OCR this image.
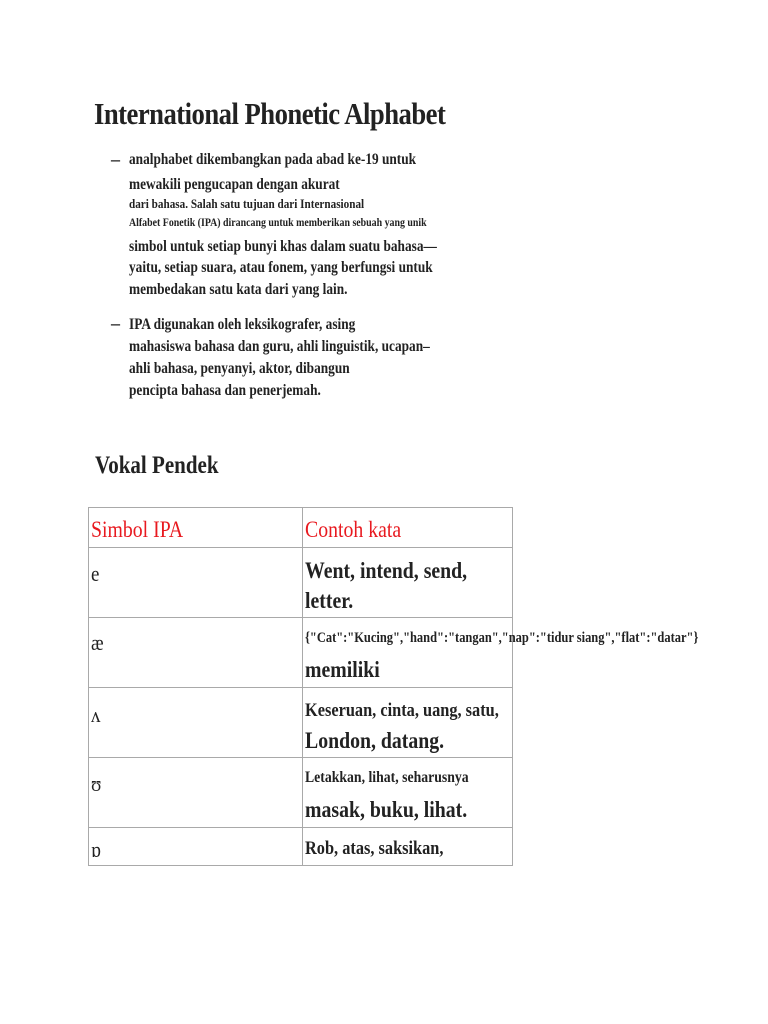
International Phonetic Alphabet
– analphabet dikembangkan pada abad ke-19 untuk
mewakili pengucapan dengan akurat
dari bahasa. Salah satu tujuan dari Internasional
Alfabet Fonetik (IPA) dirancang untuk memberikan sebuah yang unik
simbol untuk setiap bunyi khas dalam suatu bahasa—
yaitu, setiap suara, atau fonem, yang berfungsi untuk
membedakan satu kata dari yang lain.
– IPA digunakan oleh leksikografer, asing
mahasiswa bahasa dan guru, ahli linguistik, ucapan–
ahli bahasa, penyanyi, aktor, dibangun
pencipta bahasa dan penerjemah.
Vokal Pendek
Simbol IPA	Contoh kata

e	Went, intend, send,
letter.

æ	{"Cat":"Kucing","hand":"tangan","nap":"tidur siang","flat":"datar"}
memiliki

ʌ	Keseruan, cinta, uang, satu,
London, datang.

ʊ	Letakkan, lihat, seharusnya
masak, buku, lihat.

ɒ	Rob, atas, saksikan,
